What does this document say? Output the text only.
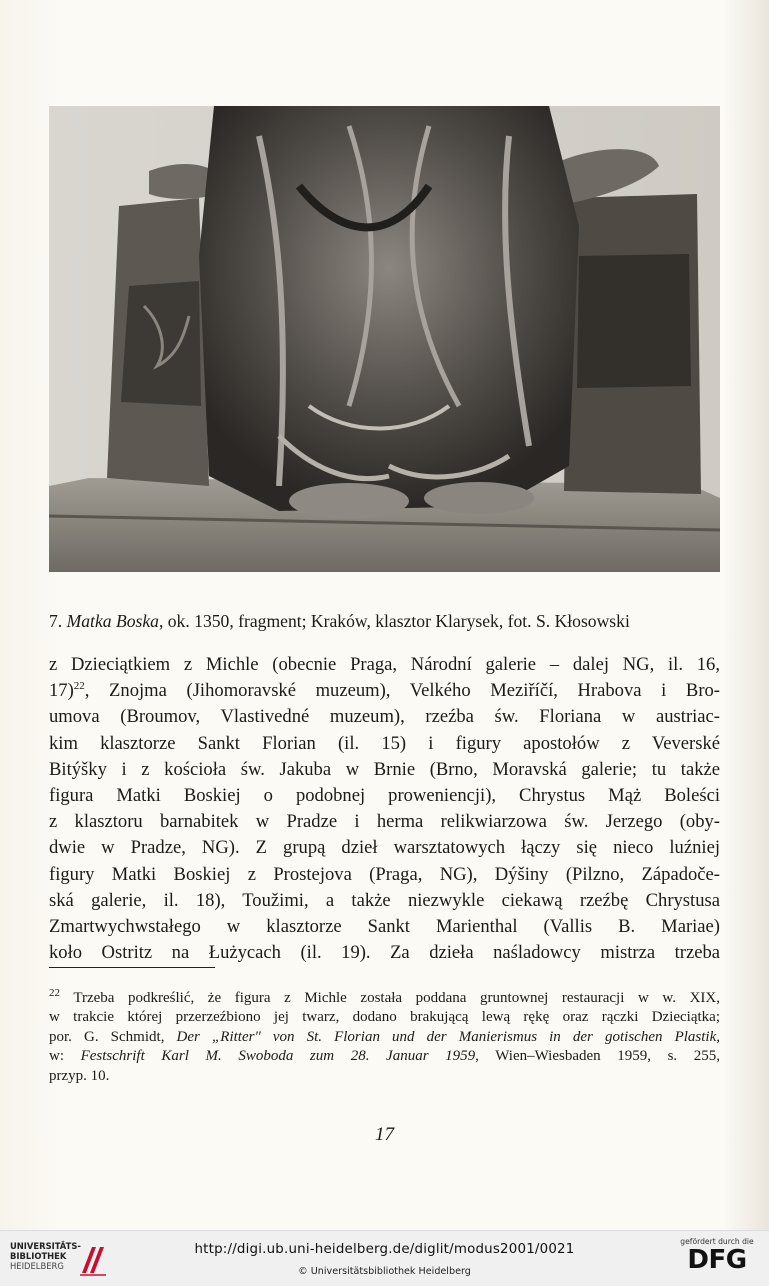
7. Matka Boska, ok. 1350, fragment; Kraków, klasztor Klarysek, fot. S. Kłosowski
z Dzieciątkiem z Michle (obecnie Praga, Národní galerie – dalej NG, il. 16,
17)$^{22}$, Znojma (Jihomoravské muzeum), Velkého Meziříčí, Hrabova i Bro-
umova (Broumov, Vlastivedné muzeum), rzeźba św. Floriana w austriac-
kim klasztorze Sankt Florian (il. 15) i figury apostołów z Veverské
Bitýšky i z kościoła św. Jakuba w Brnie (Brno, Moravská galerie; tu także
figura Matki Boskiej o podobnej proweniencji), Chrystus Mąż Boleści
z klasztoru barnabitek w Pradze i herma relikwiarzowa św. Jerzego (oby-
dwie w Pradze, NG). Z grupą dzieł warsztatowych łączy się nieco luźniej
figury Matki Boskiej z Prostejova (Praga, NG), Dýšiny (Pilzno, Západoče-
ská galerie, il. 18), Toužimi, a także niezwykle ciekawą rzeźbę Chrystusa
Zmartwychwstałego w klasztorze Sankt Marienthal (Vallis B. Mariae)
koło Ostritz na Łużycach (il. 19). Za dzieła naśladowcy mistrza trzeba
$^{22}$ Trzeba podkreślić, że figura z Michle została poddana gruntownej restauracji w w. XIX,
w trakcie której przerzeźbiono jej twarz, dodano brakującą lewą rękę oraz rączki Dzieciątka;
por. G. Schmidt, Der „Ritter" von St. Florian und der Manierismus in der gotischen Plastik,
w: Festschrift Karl M. Swoboda zum 28. Januar 1959, Wien–Wiesbaden 1959, s. 255,
przyp. 10.
17
UNIVERSITÄTS-
BIBLIOTHEK
HEIDELBERG
http://digi.ub.uni-heidelberg.de/diglit/modus2001/0021
© Universitätsbibliothek Heidelberg
gefördert durch die
DFG
